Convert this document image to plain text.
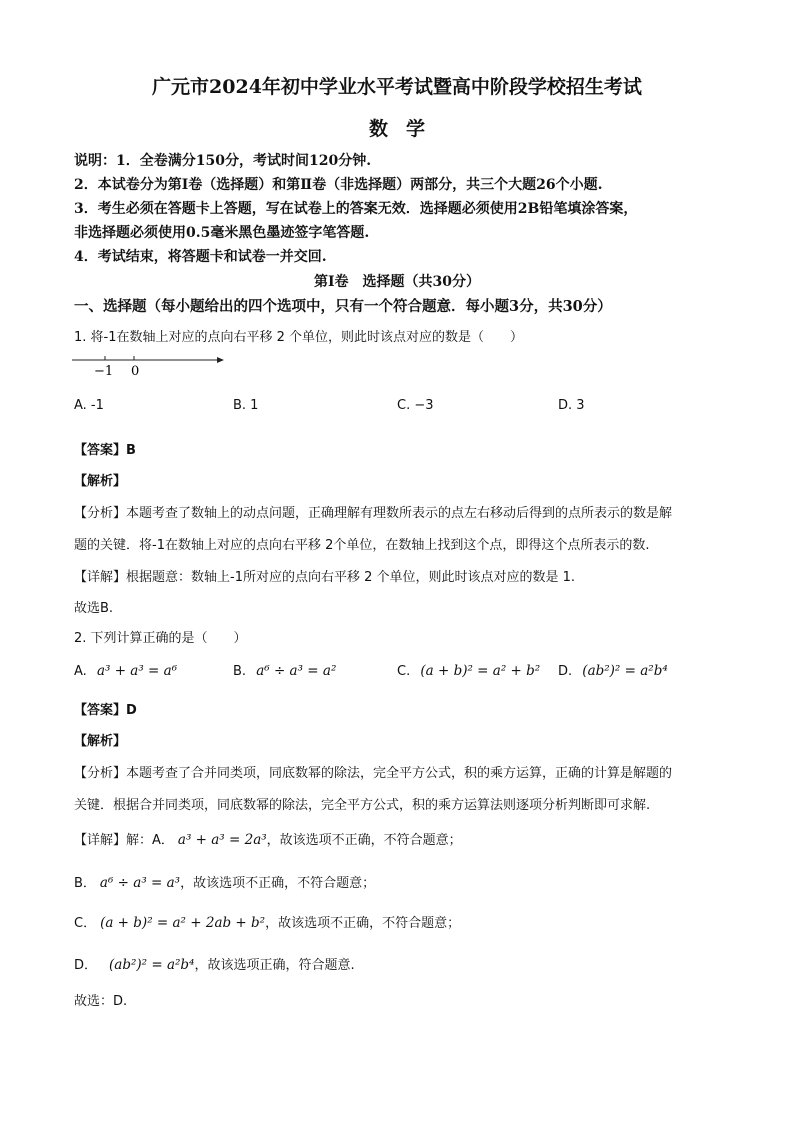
广元市2024年初中学业水平考试暨高中阶段学校招生考试
数学
说明：1．全卷满分150分，考试时间120分钟.
2．本试卷分为第Ⅰ卷（选择题）和第Ⅱ卷（非选择题）两部分，共三个大题26个小题.
3．考生必须在答题卡上答题，写在试卷上的答案无效．选择题必须使用2B铅笔填涂答案，
非选择题必须使用0.5毫米黑色墨迹签字笔答题.
4．考试结束，将答题卡和试卷一并交回.
第Ⅰ卷　选择题（共30分）
一、选择题（每小题给出的四个选项中，只有一个符合题意．每小题3分，共30分）
1. 将-1在数轴上对应的点向右平移 2 个单位，则此时该点对应的数是（　　）
−1 0
A. -1	B. 1	C. −3	D. 3
【答案】B
【解析】
【分析】本题考查了数轴上的动点问题，正确理解有理数所表示的点左右移动后得到的点所表示的数是解
题的关键．将-1在数轴上对应的点向右平移 2个单位，在数轴上找到这个点，即得这个点所表示的数.
【详解】根据题意：数轴上-1所对应的点向右平移 2 个单位，则此时该点对应的数是 1.
故选B.
2. 下列计算正确的是（　　）
A. a³ + a³ = a⁶	B. a⁶ ÷ a³ = a²	C. (a + b)² = a² + b² D. (ab²)² = a²b⁴
【答案】D
【解析】
【分析】本题考查了合并同类项，同底数幂的除法，完全平方公式，积的乘方运算，正确的计算是解题的
关键．根据合并同类项，同底数幂的除法，完全平方公式，积的乘方运算法则逐项分析判断即可求解.
【详解】解：A． a³ + a³ = 2a³，故该选项不正确，不符合题意；
B． a⁶ ÷ a³ = a³，故该选项不正确，不符合题意；
C． (a + b)² = a² + 2ab + b²，故该选项不正确，不符合题意；
D． (ab²)² = a²b⁴，故该选项正确，符合题意.
故选：D.
